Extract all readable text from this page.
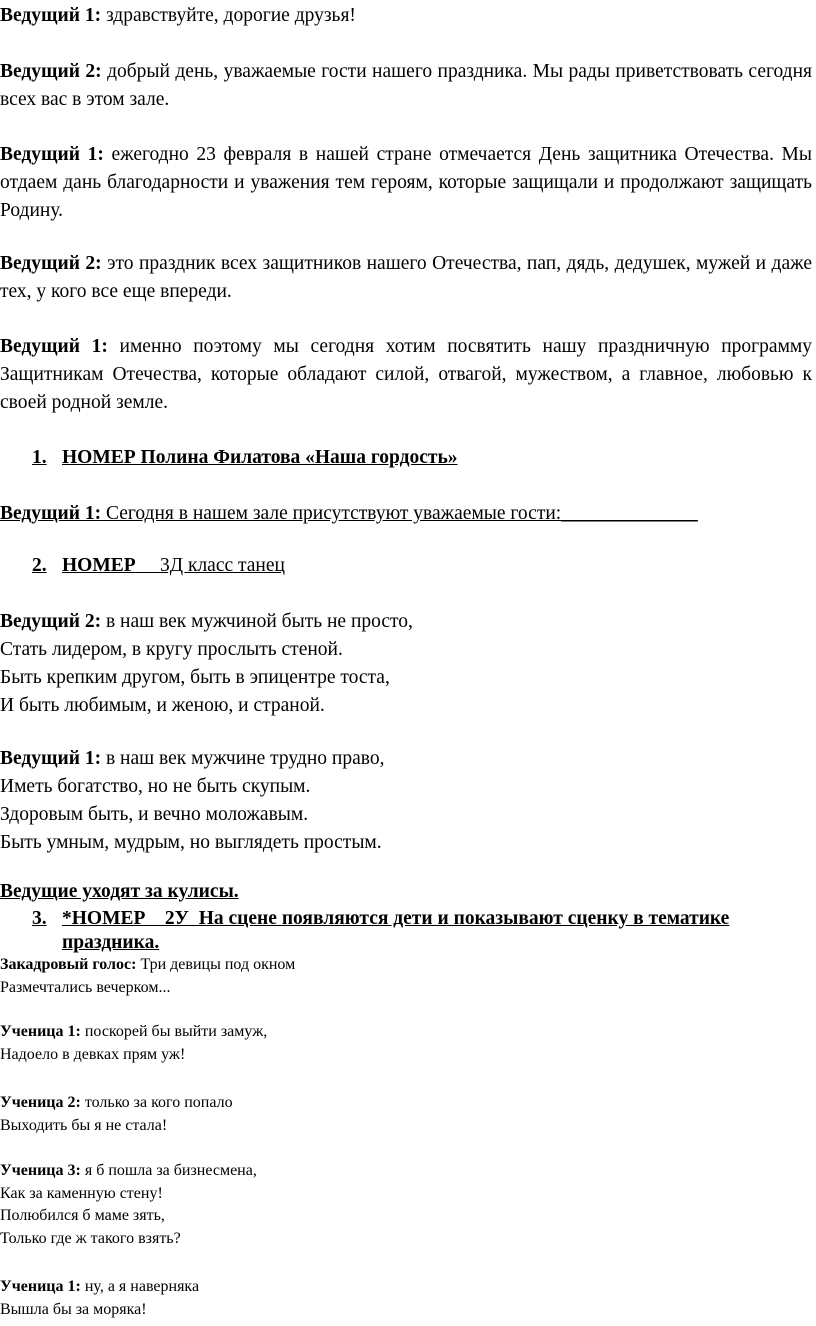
Ведущий 1: здравствуйте, дорогие друзья!

Ведущий 2: добрый день, уважаемые гости нашего праздника. Мы рады приветствовать сегодня всех вас в этом зале.

Ведущий 1: ежегодно 23 февраля в нашей стране отмечается День защитника Отечества. Мы отдаем дань благодарности и уважения тем героям, которые защищали и продолжают защищать Родину.

Ведущий 2: это праздник всех защитников нашего Отечества, пап, дядь, дедушек, мужей и даже тех, у кого все еще впереди.

Ведущий 1: именно поэтому мы сегодня хотим посвятить нашу праздничную программу Защитникам Отечества, которые обладают силой, отвагой, мужеством, а главное, любовью к своей родной земле.

1. НОМЕР Полина Филатова «Наша гордость»

Ведущий 1: Сегодня в нашем зале присутствуют уважаемые гости:______________

2. НОМЕР 3Д класс танец
Ведущий 2: в наш век мужчиной быть не просто,
Стать лидером, в кругу прослыть стеной.
Быть крепким другом, быть в эпицентре тоста,
И быть любимым, и женою, и страной.
Ведущий 1: в наш век мужчине трудно право,
Иметь богатство, но не быть скупым.
Здоровым быть, и вечно моложавым.
Быть умным, мудрым, но выглядеть простым.

Ведущие уходят за кулисы.

3. *НОМЕР    2У  На сцене появляются дети и показывают сценку в тематике
праздника.
Закадровый голос: Три девицы под окном
Размечтались вечерком...
Ученица 1: поскорей бы выйти замуж,
Надоело в девках прям уж!
Ученица 2: только за кого попало
Выходить бы я не стала!
Ученица 3: я б пошла за бизнесмена,
Как за каменную стену!
Полюбился б маме зять,
Только где ж такого взять?
Ученица 1: ну, а я наверняка
Вышла бы за моряка!
